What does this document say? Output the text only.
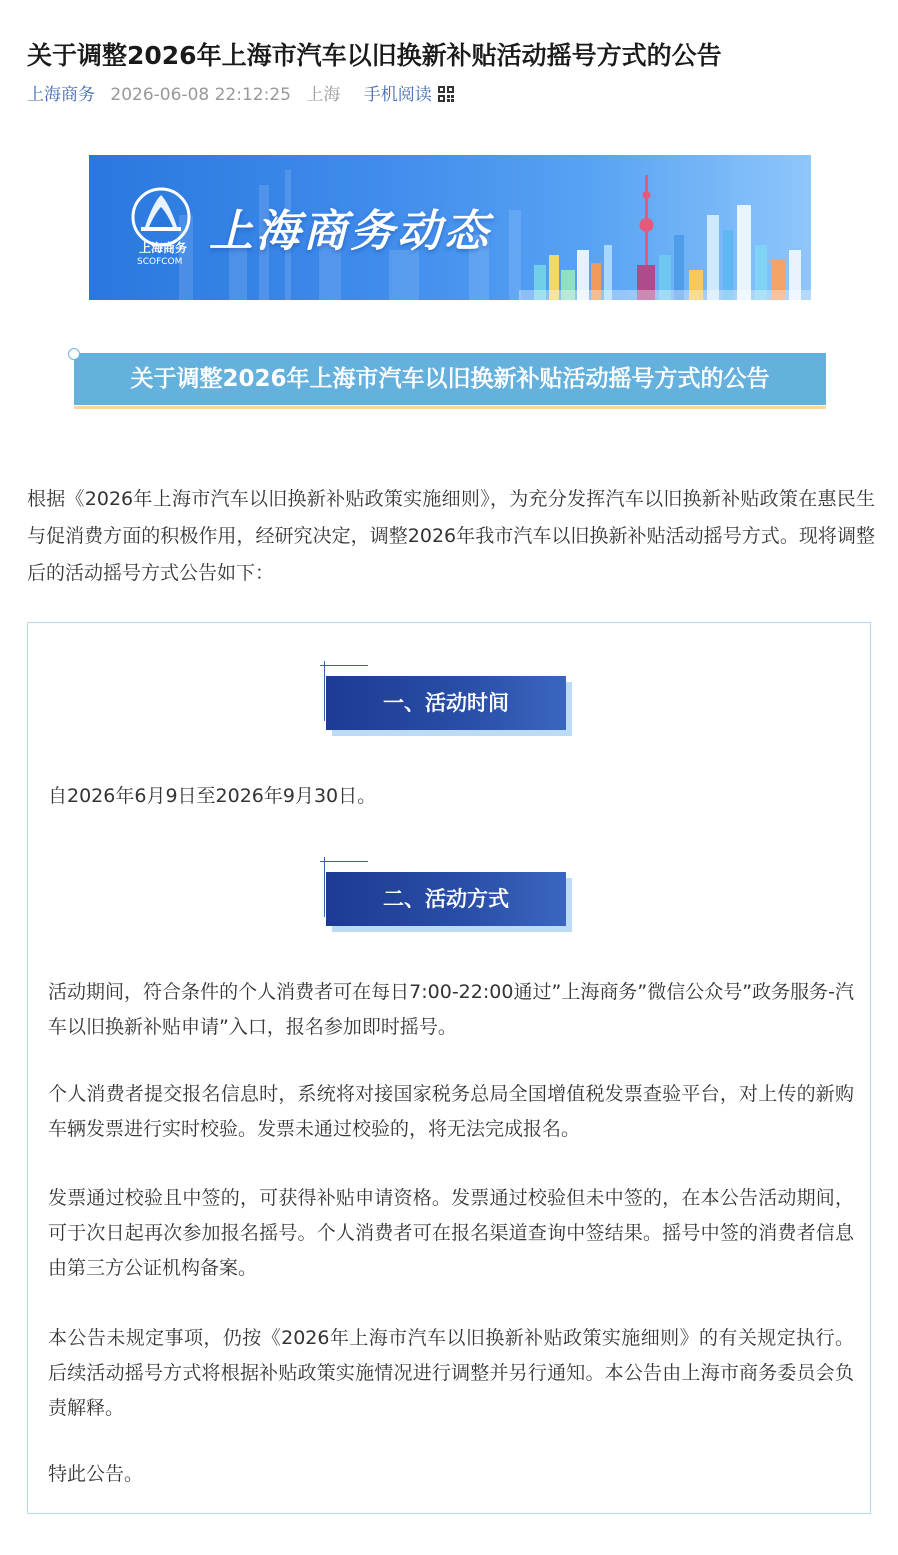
关于调整2026年上海市汽车以旧换新补贴活动摇号方式的公告
上海商务 2026-06-08 22:12:25 上海 手机阅读
上海商务动态
上海商务
SCOFCOM
关于调整2026年上海市汽车以旧换新补贴活动摇号方式的公告

根据《2026年上海市汽车以旧换新补贴政策实施细则》，为充分发挥汽车以旧换新补贴政策在惠民生与促消费方面的积极作用，经研究决定，调整2026年我市汽车以旧换新补贴活动摇号方式。现将调整后的活动摇号方式公告如下：

一、活动时间

自2026年6月9日至2026年9月30日。

二、活动方式

活动期间，符合条件的个人消费者可在每日7:00-22:00通过”上海商务”微信公众号”政务服务-汽车以旧换新补贴申请”入口，报名参加即时摇号。

个人消费者提交报名信息时，系统将对接国家税务总局全国增值税发票查验平台，对上传的新购车辆发票进行实时校验。发票未通过校验的，将无法完成报名。

发票通过校验且中签的，可获得补贴申请资格。发票通过校验但未中签的，在本公告活动期间，可于次日起再次参加报名摇号。个人消费者可在报名渠道查询中签结果。摇号中签的消费者信息由第三方公证机构备案。

本公告未规定事项，仍按《2026年上海市汽车以旧换新补贴政策实施细则》的有关规定执行。后续活动摇号方式将根据补贴政策实施情况进行调整并另行通知。本公告由上海市商务委员会负责解释。

特此公告。
